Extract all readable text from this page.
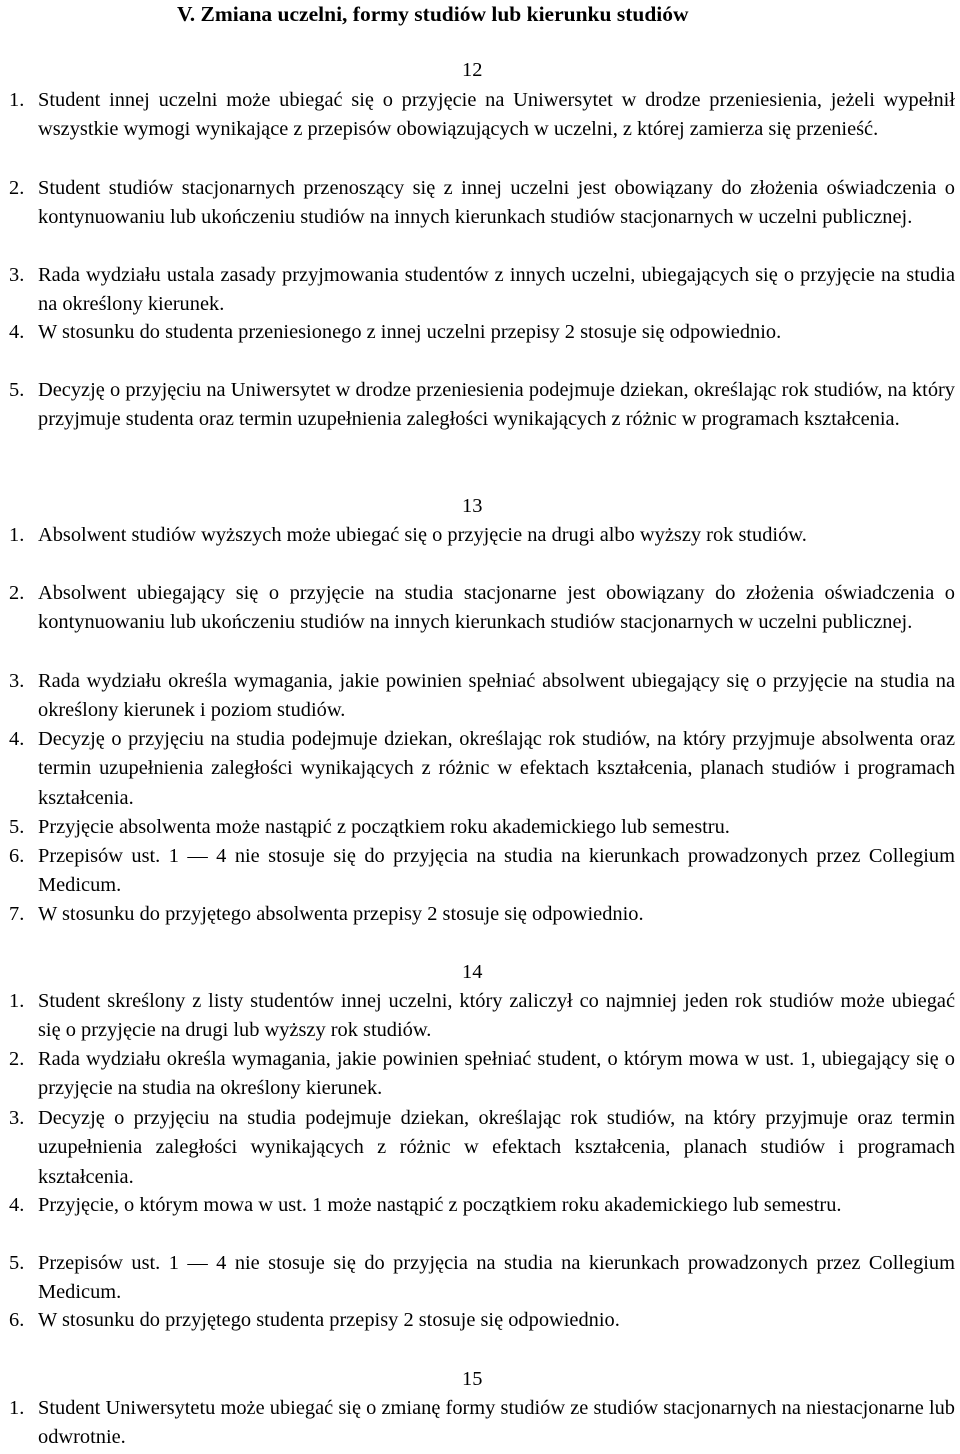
V. Zmiana uczelni, formy studiów lub kierunku studiów
12
1. Student innej uczelni może ubiegać się o przyjęcie na Uniwersytet w drodze przeniesienia, jeżeli wypełnił wszystkie wymogi wynikające z przepisów obowiązujących w uczelni, z której zamierza się przenieść.
2. Student studiów stacjonarnych przenoszący się z innej uczelni jest obowiązany do złożenia oświadczenia o kontynuowaniu lub ukończeniu studiów na innych kierunkach studiów stacjonarnych w uczelni publicznej.
3. Rada wydziału ustala zasady przyjmowania studentów z innych uczelni, ubiegających się o przyjęcie na studia na określony kierunek.
4. W stosunku do studenta przeniesionego z innej uczelni przepisy 2 stosuje się odpowiednio.
5. Decyzję o przyjęciu na Uniwersytet w drodze przeniesienia podejmuje dziekan, określając rok studiów, na który przyjmuje studenta oraz termin uzupełnienia zaległości wynikających z różnic w programach kształcenia.
13
1. Absolwent studiów wyższych może ubiegać się o przyjęcie na drugi albo wyższy rok studiów.
2. Absolwent ubiegający się o przyjęcie na studia stacjonarne jest obowiązany do złożenia oświadczenia o kontynuowaniu lub ukończeniu studiów na innych kierunkach studiów stacjonarnych w uczelni publicznej.
3. Rada wydziału określa wymagania, jakie powinien spełniać absolwent ubiegający się o przyjęcie na studia na określony kierunek i poziom studiów.
4. Decyzję o przyjęciu na studia podejmuje dziekan, określając rok studiów, na który przyjmuje absolwenta oraz termin uzupełnienia zaległości wynikających z różnic w efektach kształcenia, planach studiów i programach kształcenia.
5. Przyjęcie absolwenta może nastąpić z początkiem roku akademickiego lub semestru.
6. Przepisów ust. 1 — 4 nie stosuje się do przyjęcia na studia na kierunkach prowadzonych przez Collegium Medicum.
7. W stosunku do przyjętego absolwenta przepisy 2 stosuje się odpowiednio.
14
1. Student skreślony z listy studentów innej uczelni, który zaliczył co najmniej jeden rok studiów może ubiegać się o przyjęcie na drugi lub wyższy rok studiów.
2. Rada wydziału określa wymagania, jakie powinien spełniać student, o którym mowa w ust. 1, ubiegający się o przyjęcie na studia na określony kierunek.
3. Decyzję o przyjęciu na studia podejmuje dziekan, określając rok studiów, na który przyjmuje oraz termin uzupełnienia zaległości wynikających z różnic w efektach kształcenia, planach studiów i programach kształcenia.
4. Przyjęcie, o którym mowa w ust. 1 może nastąpić z początkiem roku akademickiego lub semestru.
5. Przepisów ust. 1 — 4 nie stosuje się do przyjęcia na studia na kierunkach prowadzonych przez Collegium Medicum.
6. W stosunku do przyjętego studenta przepisy 2 stosuje się odpowiednio.
15
1. Student Uniwersytetu może ubiegać się o zmianę formy studiów ze studiów stacjonarnych na niestacjonarne lub odwrotnie.
